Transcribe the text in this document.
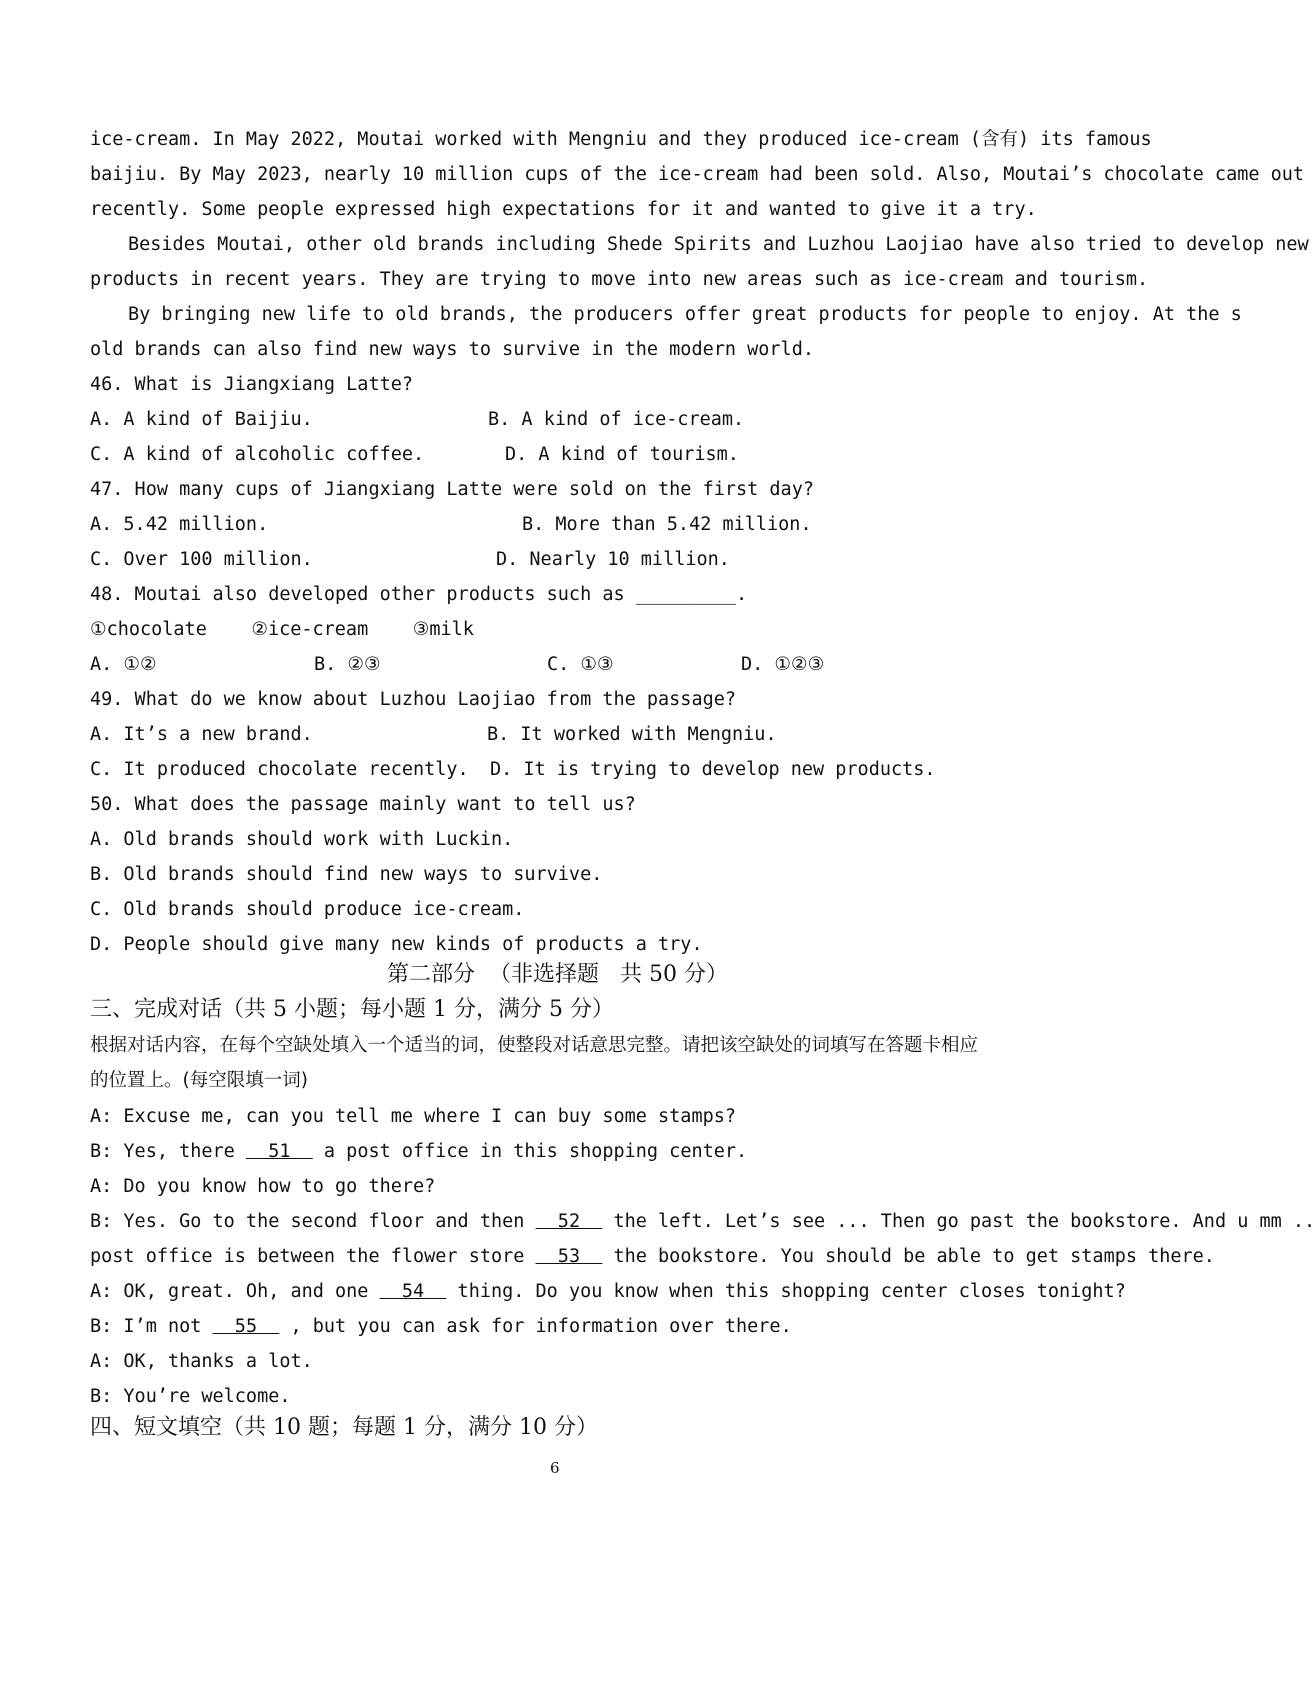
ice-cream. In May 2022, Moutai worked with Mengniu and they produced ice-cream (含有) its famous
baijiu. By May 2023, nearly 10 million cups of the ice-cream had been sold. Also, Moutai’s chocolate came out
recently. Some people expressed high expectations for it and wanted to give it a try.
Besides Moutai, other old brands including Shede Spirits and Luzhou Laojiao have also tried to develop new
products in recent years. They are trying to move into new areas such as ice-cream and tourism.
By bringing new life to old brands, the producers offer great products for people to enjoy. At the s
old brands can also find new ways to survive in the modern world.
46. What is Jiangxiang Latte?
A. A kind of Baijiu.	B. A kind of ice-cream.
C. A kind of alcoholic coffee.	D. A kind of tourism.
47. How many cups of Jiangxiang Latte were sold on the first day?
A. 5.42 million.	B. More than 5.42 million.
C. Over 100 million.	D. Nearly 10 million.
48. Moutai also developed other products such as _________.
①chocolate    ②ice-cream    ③milk
A. ①②	B. ②③	C. ①③	D. ①②③
49. What do we know about Luzhou Laojiao from the passage?
A. It’s a new brand.	B. It worked with Mengniu.
C. It produced chocolate recently. D. It is trying to develop new products.
50. What does the passage mainly want to tell us?
A. Old brands should work with Luckin.
B. Old brands should find new ways to survive.
C. Old brands should produce ice-cream.
D. People should give many new kinds of products a try.
第二部分  （非选择题   共 50 分）
三、完成对话（共 5 小题；每小题 1 分，满分 5 分）
根据对话内容，在每个空缺处填入一个适当的词，使整段对话意思完整。请把该空缺处的词填写在答题卡相应
的位置上。(每空限填一词)
A: Excuse me, can you tell me where I can buy some stamps?
B: Yes, there   51   a post office in this shopping center.
A: Do you know how to go there?
B: Yes. Go to the second floor and then   52   the left. Let’s see ... Then go past the bookstore. And u mm ..
post office is between the flower store   53   the bookstore. You should be able to get stamps there.
A: OK, great. Oh, and one   54   thing. Do you know when this shopping center closes tonight?
B: I’m not   55   , but you can ask for information over there.
A: OK, thanks a lot.
B: You’re welcome.
四、短文填空（共 10 题；每题 1 分，满分 10 分）
6
